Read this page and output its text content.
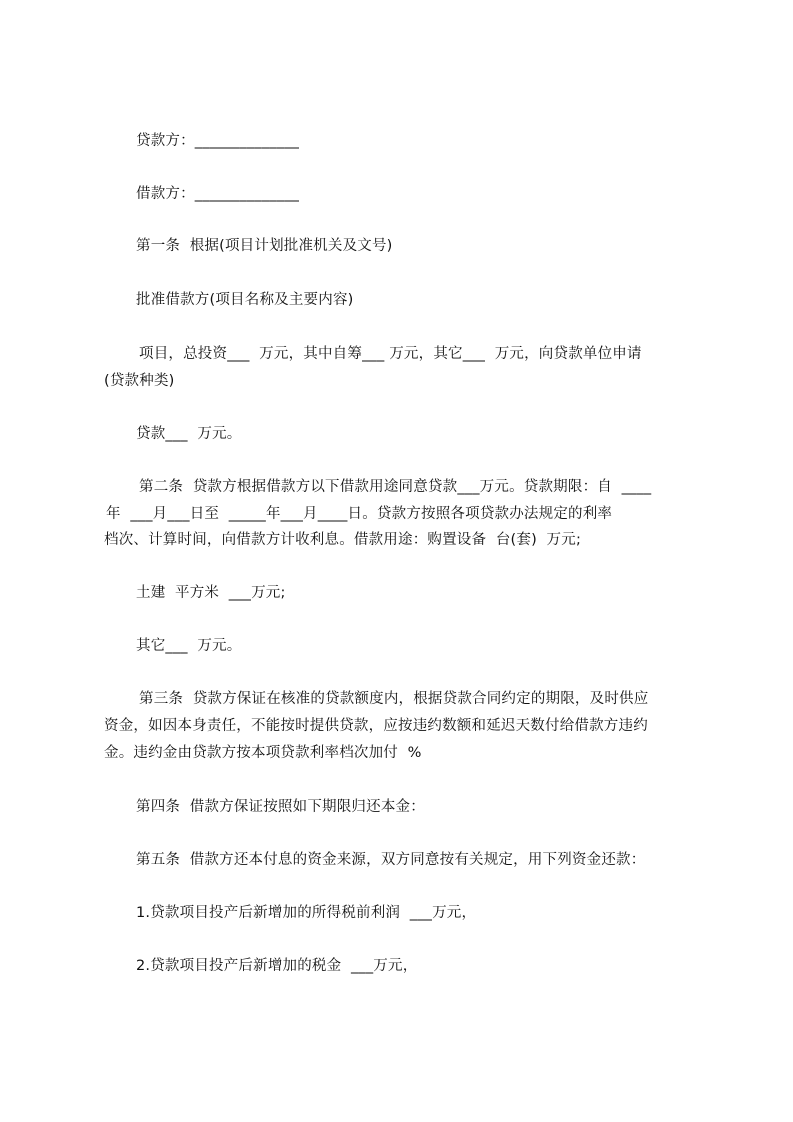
贷款方：______________
借款方：______________
第一条  根据(项目计划批准机关及文号)
批准借款方(项目名称及主要内容)
项目，总投资___  万元，其中自筹___ 万元，其它___  万元，向贷款单位申请
(贷款种类)
贷款___  万元。
第二条  贷款方根据借款方以下借款用途同意贷款___万元。贷款期限：自  ____
年  ___月___日至  _____年___月____日。贷款方按照各项贷款办法规定的利率
档次、计算时间，向借款方计收利息。借款用途：购置设备  台(套)  万元;
土建  平方米  ___万元;
其它___  万元。
第三条  贷款方保证在核准的贷款额度内，根据贷款合同约定的期限，及时供应
资金，如因本身责任，不能按时提供贷款，应按违约数额和延迟天数付给借款方违约
金。违约金由贷款方按本项贷款利率档次加付  %
第四条  借款方保证按照如下期限归还本金：
第五条  借款方还本付息的资金来源，双方同意按有关规定，用下列资金还款：
1.贷款项目投产后新增加的所得税前利润  ___万元，
2.贷款项目投产后新增加的税金  ___万元，
